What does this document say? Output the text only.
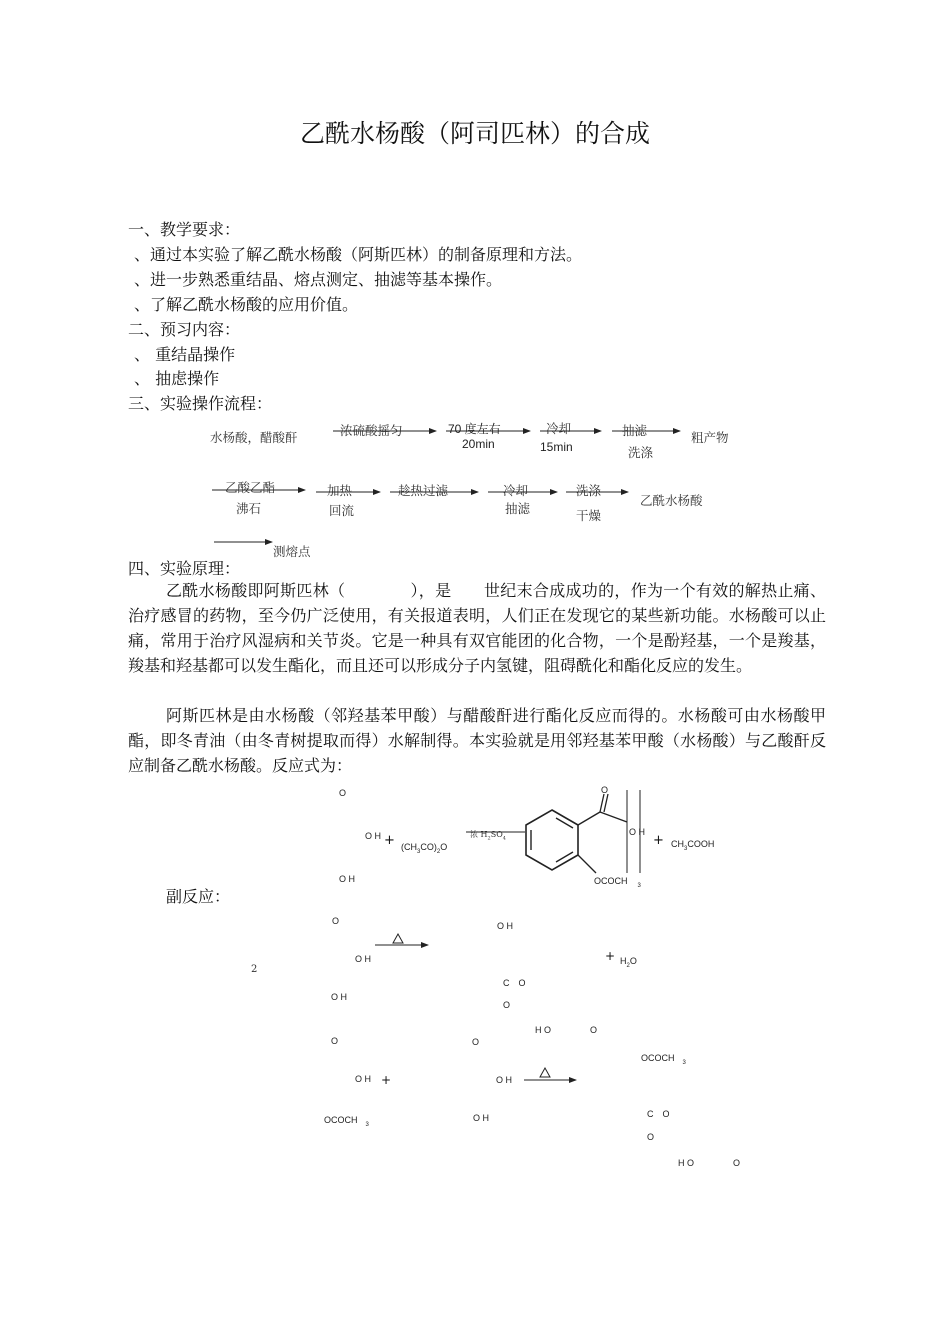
乙酰水杨酸（阿司匹林）的合成
一、教学要求：
、通过本实验了解乙酰水杨酸（阿斯匹林）的制备原理和方法。
、进一步熟悉重结晶、熔点测定、抽滤等基本操作。
、了解乙酰水杨酸的应用价值。
二、预习内容：
、 重结晶操作
、 抽虑操作
三、实验操作流程：
水杨酸，醋酸酐	浓硫酸摇匀	70 度左右
20min
冷却
15min
抽滤
洗涤
粗产物
乙酸乙酯
沸石
加热
回流
趁热过滤	冷却
抽滤
洗涤
干燥
乙酰水杨酸
测熔点
四、实验原理：
乙酰水杨酸即阿斯匹林（　　　　），是　　世纪末合成成功的，作为一个有效的解热止痛、治疗感冒的药物，至今仍广泛使用，有关报道表明，人们正在发现它的某些新功能。水杨酸可以止痛，常用于治疗风湿病和关节炎。它是一种具有双官能团的化合物，一个是酚羟基，一个是羧基，羧基和羟基都可以发生酯化，而且还可以形成分子内氢键，阻碍酰化和酯化反应的发生。
阿斯匹林是由水杨酸（邻羟基苯甲酸）与醋酸酐进行酯化反应而得的。水杨酸可由水杨酸甲酯，即冬青油（由冬青树提取而得）水解制得。本实验就是用邻羟基苯甲酸（水杨酸）与乙酸酐反应制备乙酰水杨酸。反应式为：
O
O $H + (CH_3CO)_2O$
浓 $H_2SO_4$
O H
O
O H
OCOCH $_3$
+ $CH_3COOH$
副反应：
2
O
O H
O H
O H
+ $H_2O$
C　O
O
H O	O
O	O
OCOCH $_3$
O H +	O H
OCOCH $_3$
O H	C　O
O
H O	O
